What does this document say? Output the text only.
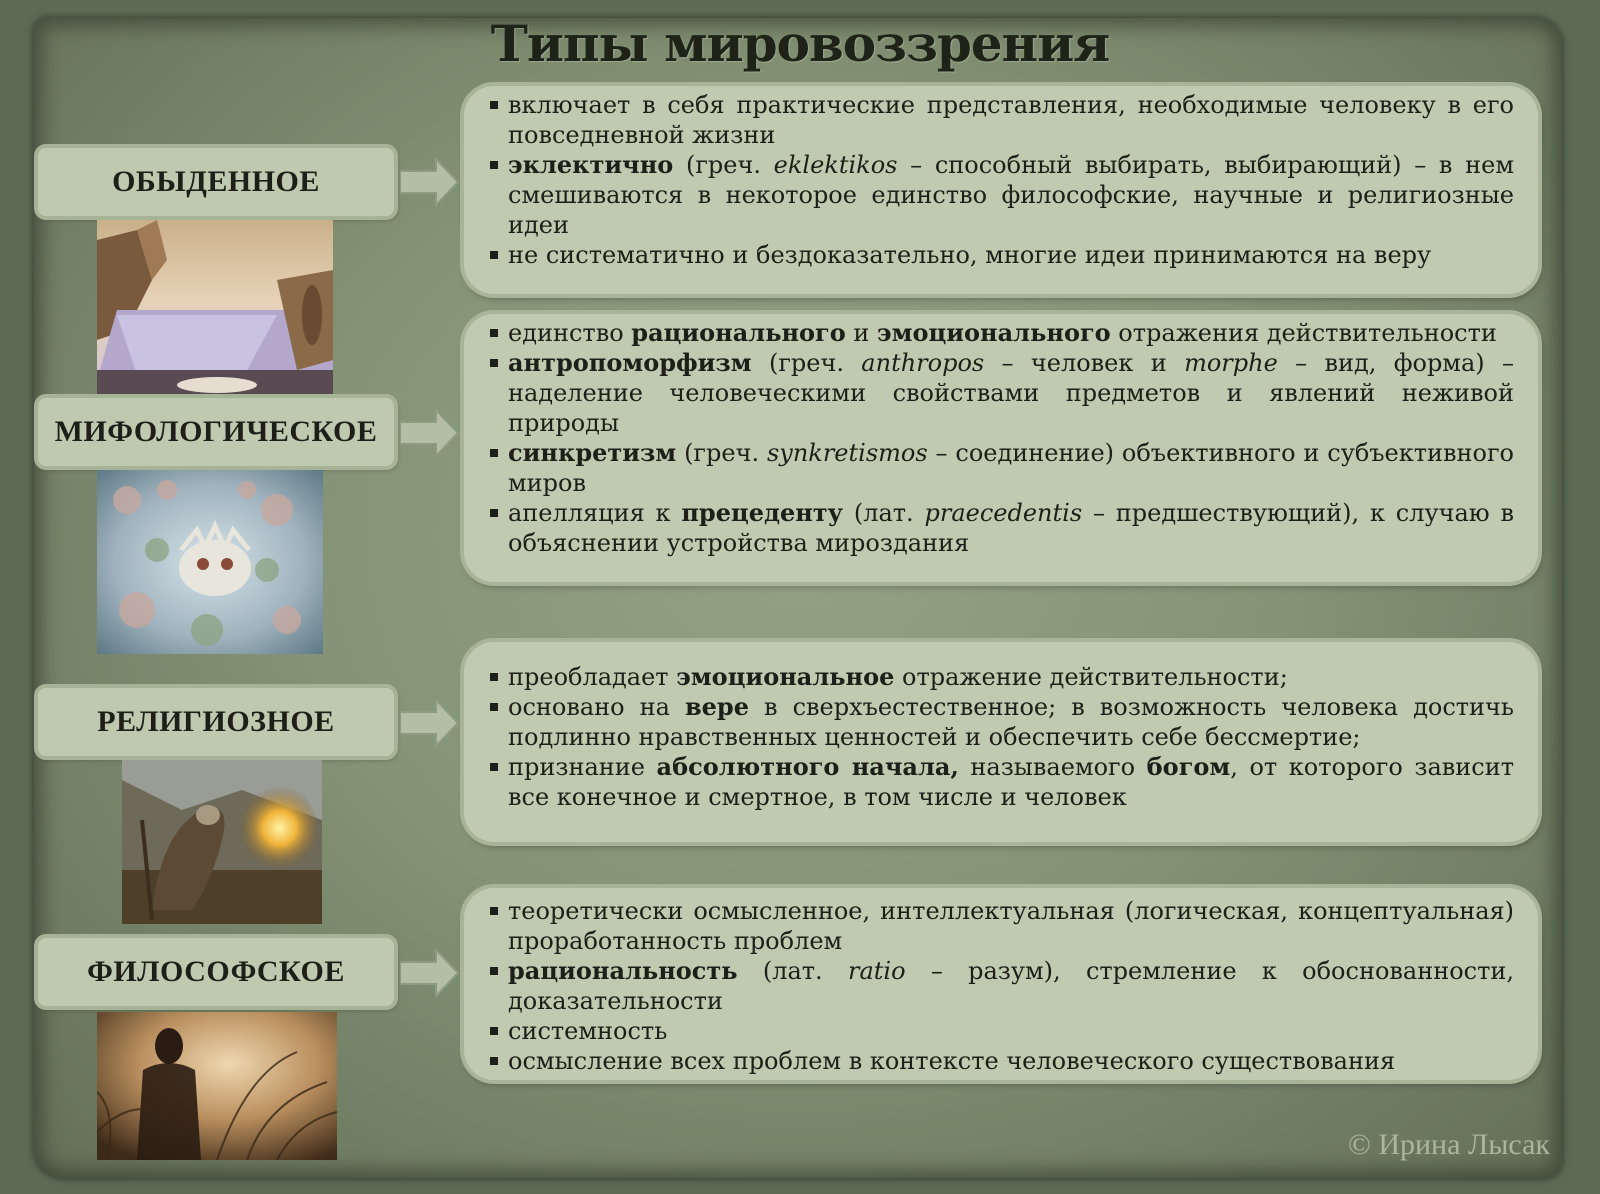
Типы мировоззрения
ОБЫДЕННОЕ
включает в себя практические представления, необходимые человеку в его повседневной жизни
эклектично (греч. eklektikos – способный выбирать, выбирающий) – в нем смешиваются в некоторое единство философские, научные и религиозные идеи
не систематично и бездоказательно, многие идеи принимаются на веру
МИФОЛОГИЧЕСКОЕ
единство рационального и эмоционального отражения действительности
антропоморфизм (греч. anthropos – человек и morphe – вид, форма) – наделение человеческими свойствами предметов и явлений неживой природы
синкретизм (греч. synkretismos – соединение) объективного и субъективного миров
апелляция к прецеденту (лат. praecedentis – предшествующий), к случаю в объяснении устройства мироздания
РЕЛИГИОЗНОЕ
преобладает эмоциональное отражение действительности;
основано на вере в сверхъестественное; в возможность человека достичь подлинно нравственных ценностей и обеспечить себе бессмертие;
признание абсолютного начала, называемого богом, от которого зависит все конечное и смертное, в том числе и человек
ФИЛОСОФСКОЕ
теоретически осмысленное, интеллектуальная (логическая, концептуальная) проработанность проблем
рациональность (лат. ratio – разум), стремление к обоснованности, доказательности
системность
осмысление всех проблем в контексте человеческого существования
© Ирина Лысак
